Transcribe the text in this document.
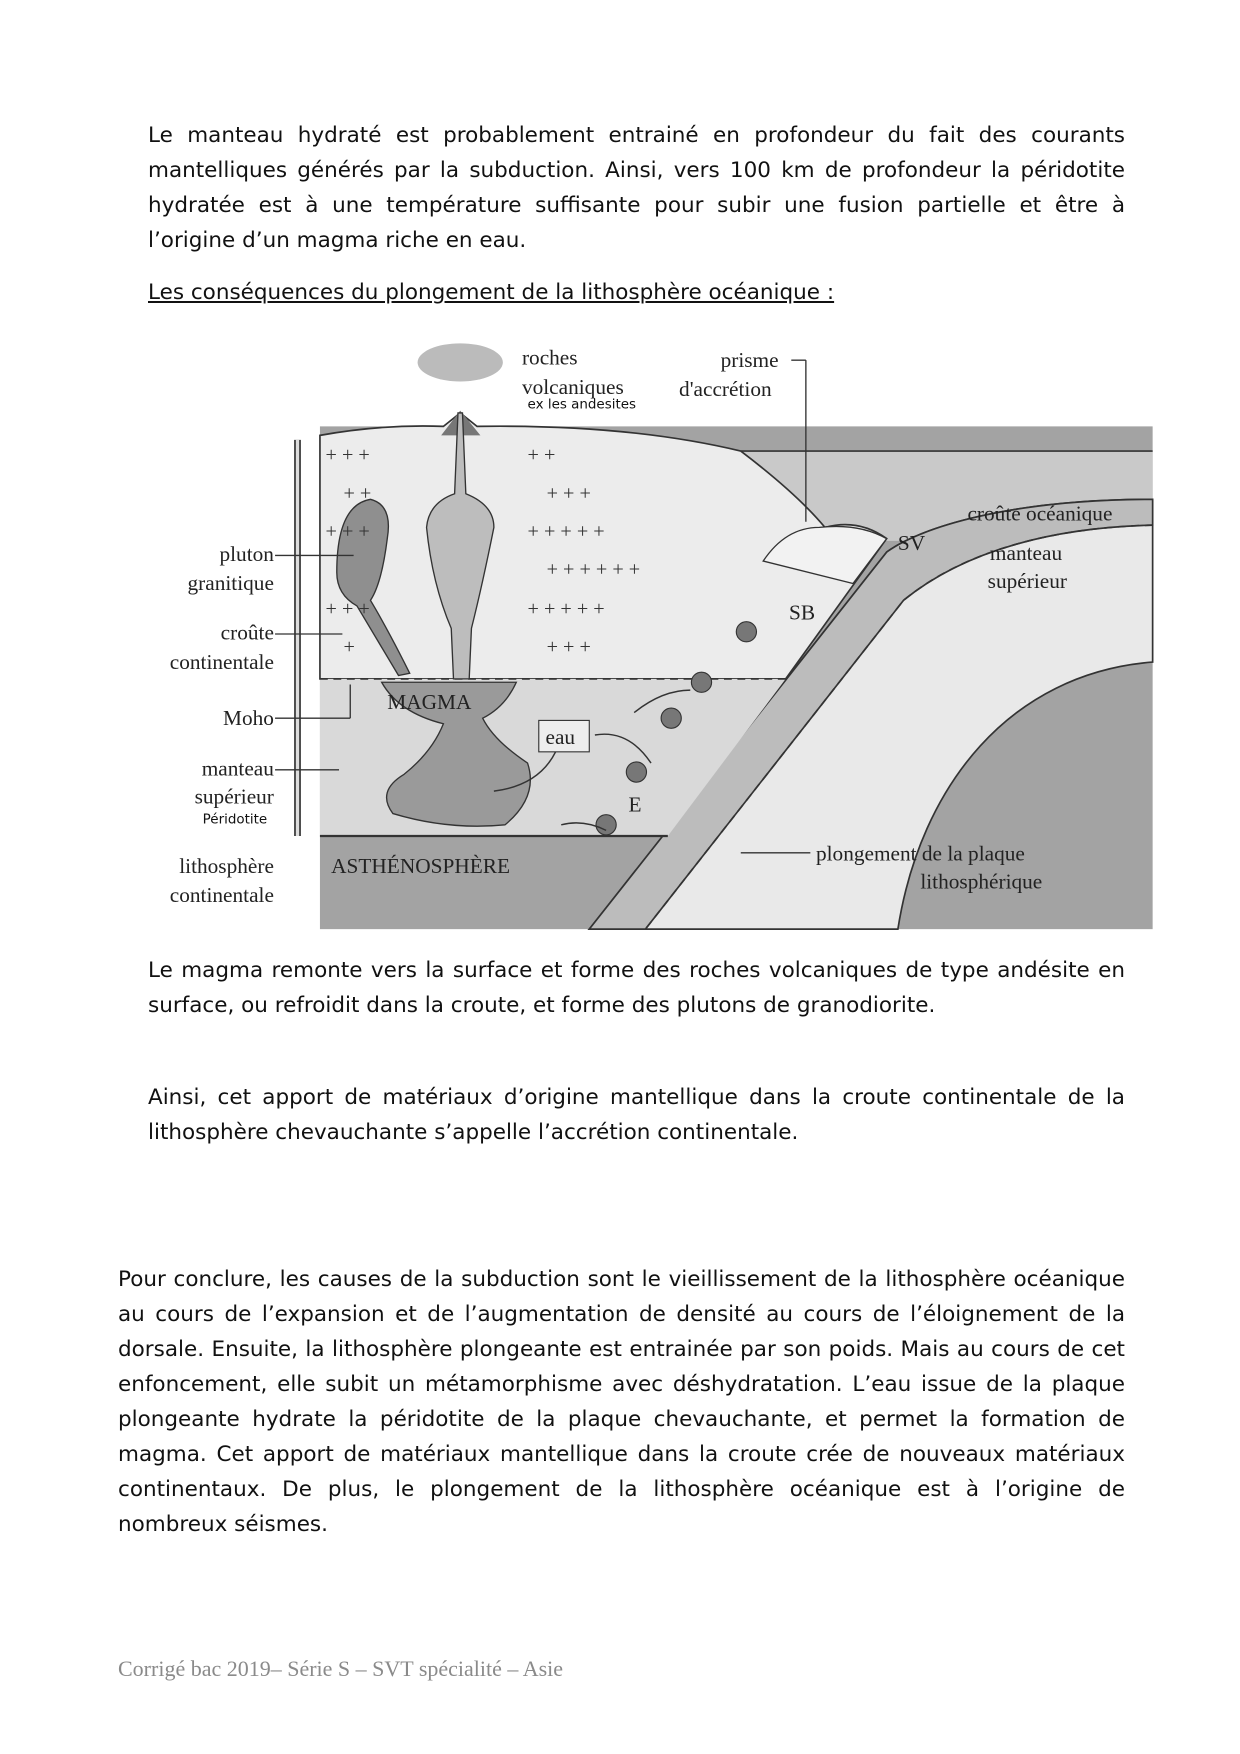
Le manteau hydraté est probablement entrainé en profondeur du fait des courants mantelliques générés par la subduction. Ainsi, vers 100 km de profondeur la péridotite hydratée est à une température suffisante pour subir une fusion partielle et être à l’origine d’un magma riche en eau.

Les conséquences du plongement de la lithosphère océanique :
+ + +	+ +
+ +	+ + +
+ + +	+ + + + +
+ + + + + +
+ + +	+ + + + +
+	+ + +
eau
roches
volcaniques
ex les andesites
prisme
d'accrétion
croûte océanique
manteau
supérieur
SV
SB
E
pluton
granitique
croûte
continentale
Moho
manteau
supérieur
Péridotite
lithosphère
continentale
MAGMA
ASTHÉNOSPHÈRE
plongement de la plaque
lithosphérique

Le magma remonte vers la surface et forme des roches volcaniques de type andésite en surface, ou refroidit dans la croute, et forme des plutons de granodiorite.

Ainsi, cet apport de matériaux d’origine mantellique dans la croute continentale de la lithosphère chevauchante s’appelle l’accrétion continentale.

Pour conclure, les causes de la subduction sont le vieillissement de la lithosphère océanique au cours de l’expansion et de l’augmentation de densité au cours de l’éloignement de la dorsale. Ensuite, la lithosphère plongeante est entrainée par son poids. Mais au cours de cet enfoncement, elle subit un métamorphisme avec déshydratation. L’eau issue de la plaque plongeante hydrate la péridotite de la plaque chevauchante, et permet la formation de magma. Cet apport de matériaux mantellique dans la croute crée de nouveaux matériaux continentaux. De plus, le plongement de la lithosphère océanique est à l’origine de nombreux séismes.

Corrigé bac 2019– Série S – SVT spécialité – Asie
